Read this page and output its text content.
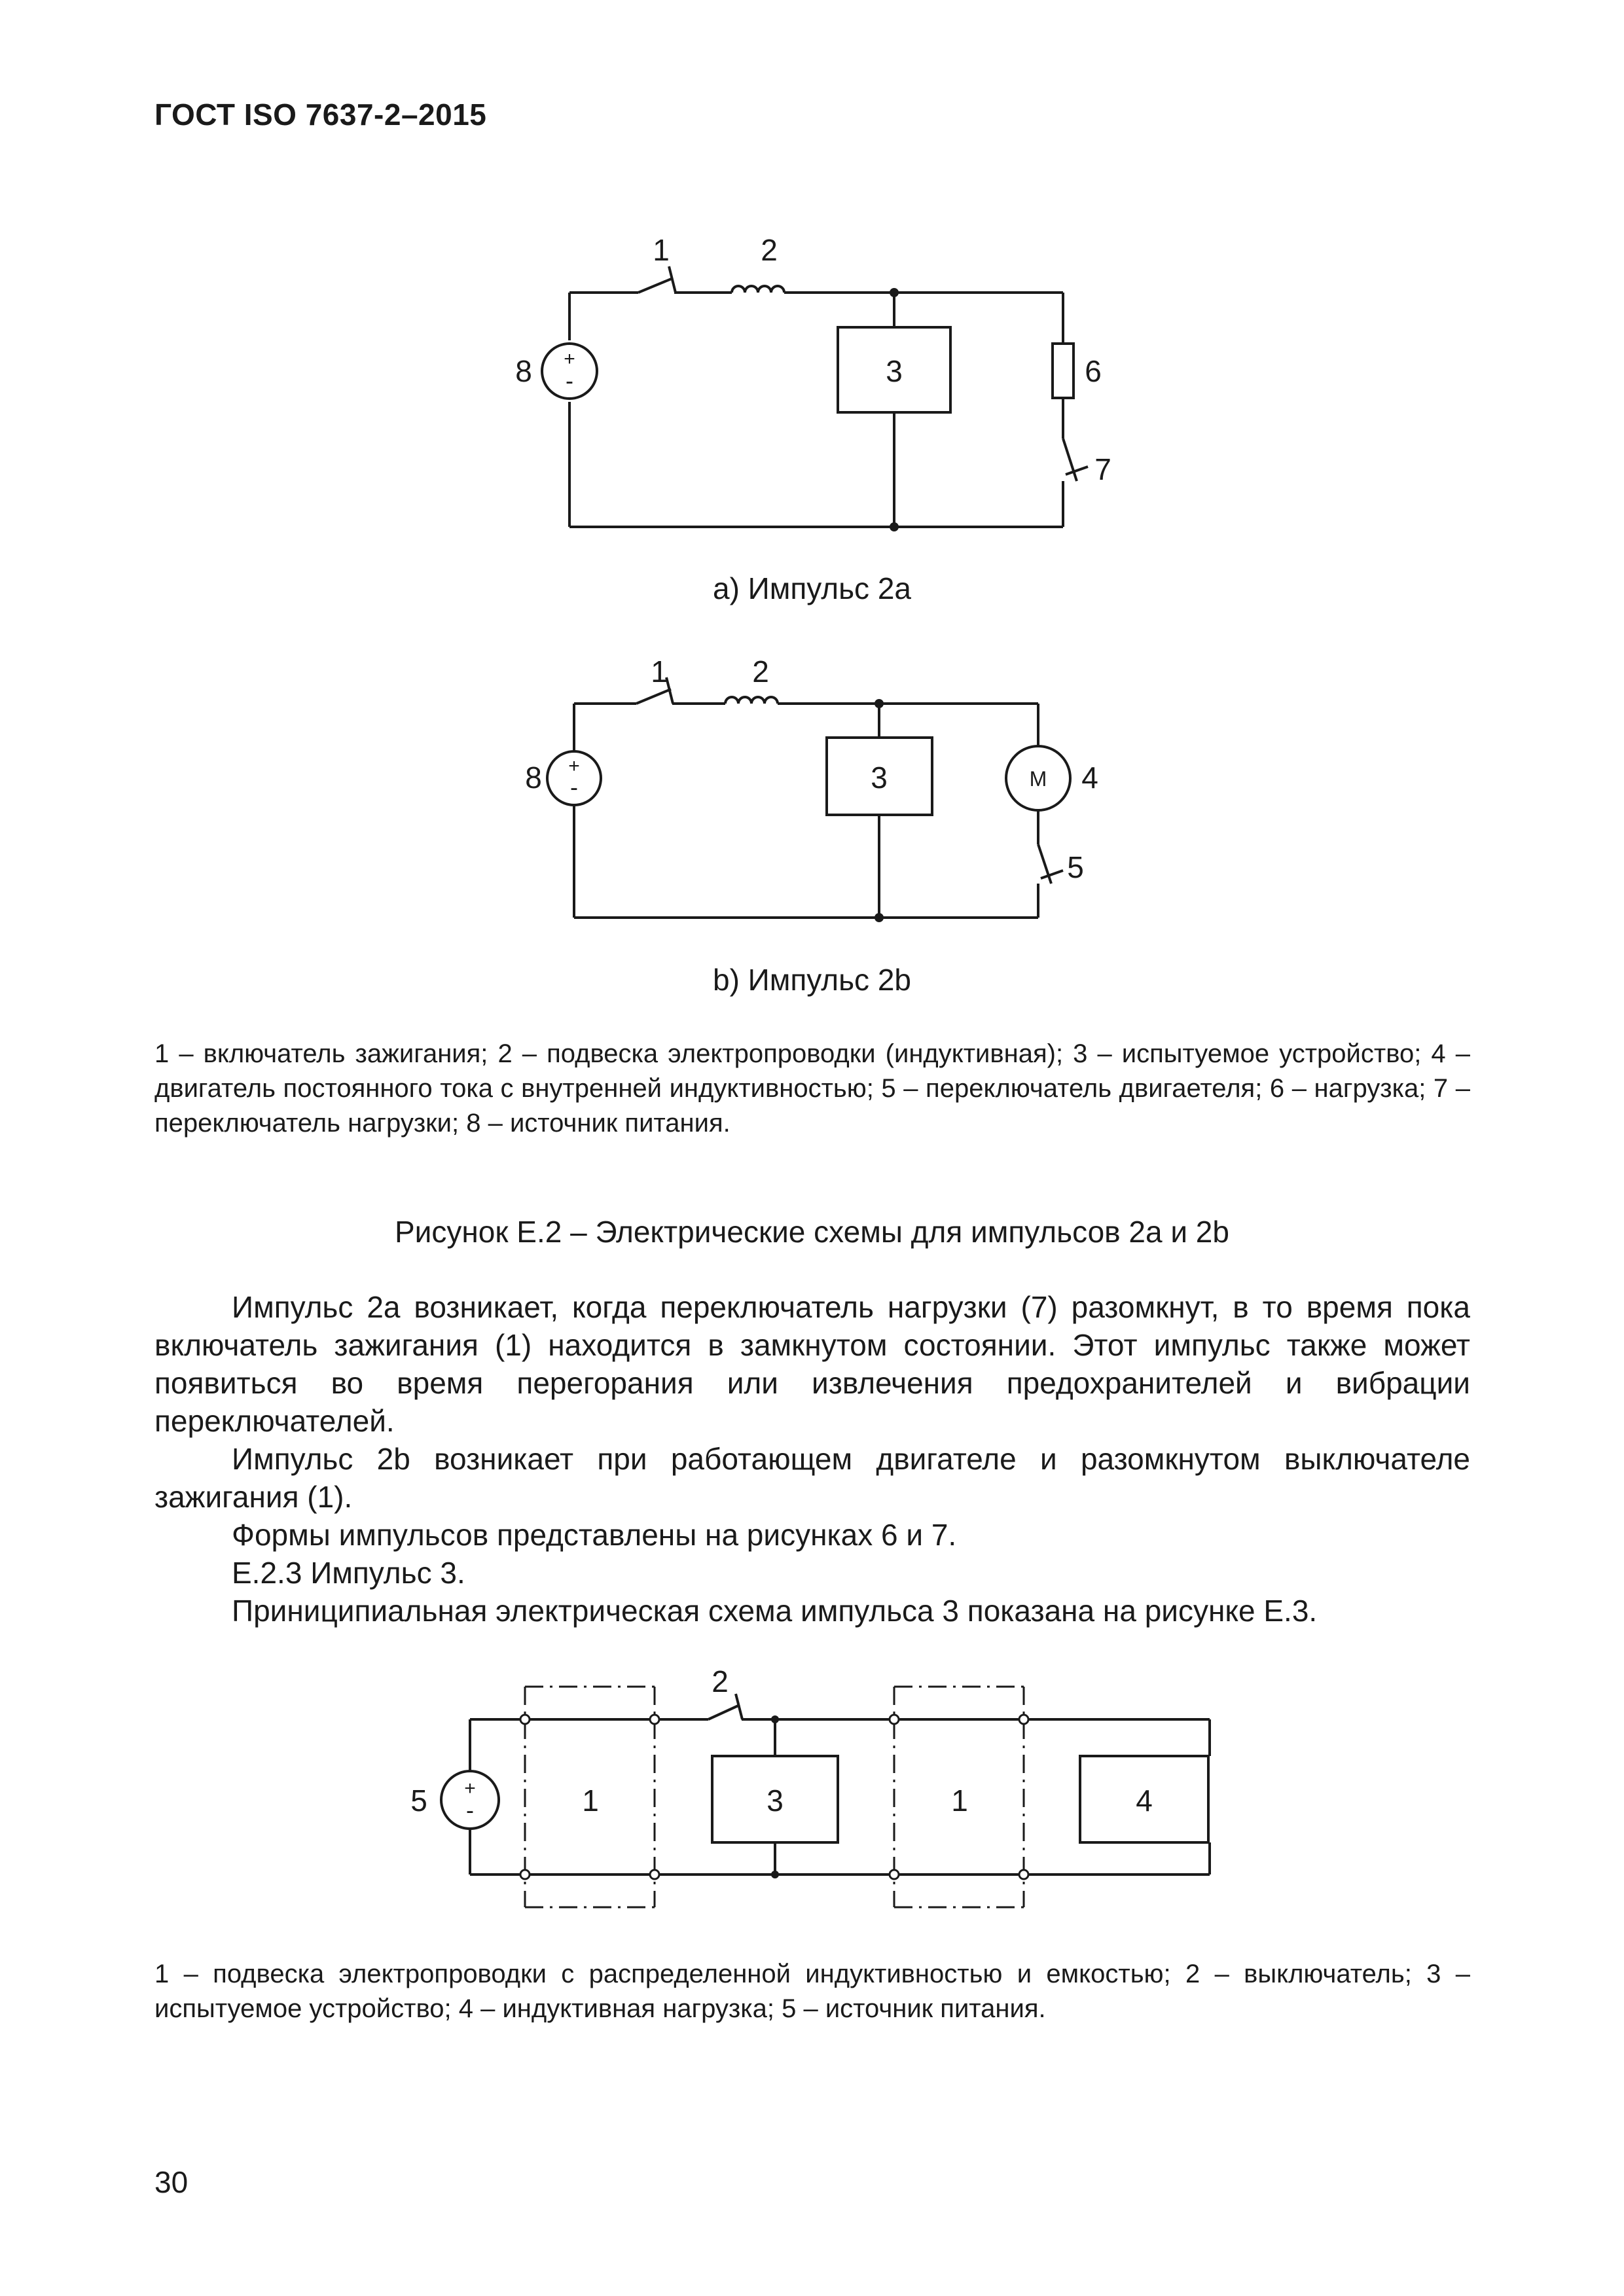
ГОСТ ISO 7637-2–2015
+
-
1	2
3	6
7
8
a) Импульс 2a
+
-	M
1	2
3	4
5
8
b) Импульс 2b
1 – включатель зажигания; 2 – подвеска электропроводки (индуктивная); 3 – испытуемое устройство; 4 – двигатель постоянного тока с внутренней индуктивностью; 5 – переключатель двигаетеля; 6 – нагрузка; 7 – переключатель нагрузки; 8 – источник питания.
Рисунок Е.2 – Электрические схемы для импульсов 2a и 2b
Импульс 2a возникает, когда переключатель нагрузки (7) разомкнут, в то время пока включатель зажигания (1) находится в замкнутом состоянии. Этот импульс также может появиться во время перегорания или извлечения предохранителей и вибрации переключателей.
Импульс 2b возникает при работающем двигателе и разомкнутом выключателе зажигания (1).
Формы импульсов представлены на рисунках 6 и 7.
Е.2.3 Импульс 3.
Приниципиальная электрическая схема импульса 3 показана на рисунке Е.3.
+
-
5	1
2
3	1	4
1 – подвеска электропроводки с распределенной индуктивностью и емкостью; 2 – выключатель; 3 – испытуемое устройство; 4 – индуктивная нагрузка; 5 – источник питания.
30
